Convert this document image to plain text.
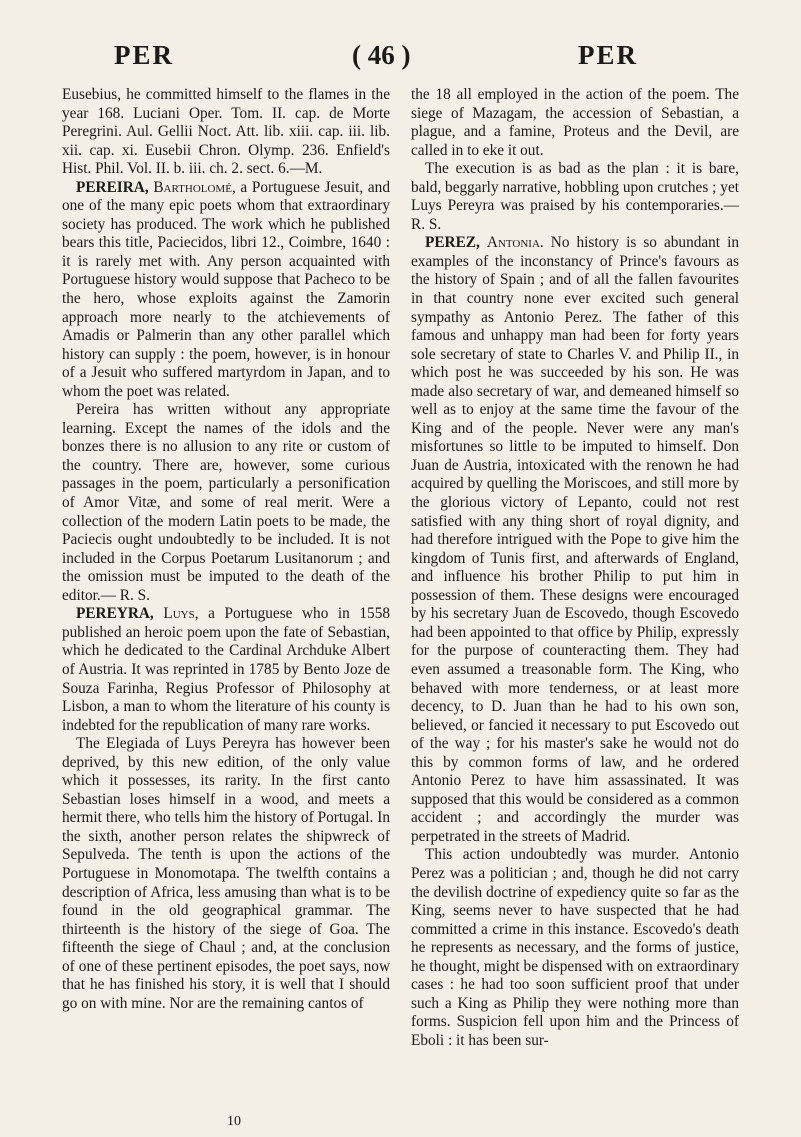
PER	( 46 )	PER

Eusebius, he committed himself to the flames in the year 168. Luciani Oper. Tom. II. cap. de Morte Peregrini. Aul. Gellii Noct. Att. lib. xiii. cap. iii. lib. xii. cap. xi. Eusebii Chron. Olymp. 236. Enfield's Hist. Phil. Vol. II. b. iii. ch. 2. sect. 6.—M.

PEREIRA, Bartholomé, a Portuguese Jesuit, and one of the many epic poets whom that extraordinary society has produced. The work which he published bears this title, Paciecidos, libri 12., Coimbre, 1640 : it is rarely met with. Any person acquainted with Portuguese history would suppose that Pacheco to be the hero, whose exploits against the Zamorin approach more nearly to the atchievements of Amadis or Palmerin than any other parallel which history can supply : the poem, however, is in honour of a Jesuit who suffered martyrdom in Japan, and to whom the poet was related.

Pereira has written without any appropriate learning. Except the names of the idols and the bonzes there is no allusion to any rite or custom of the country. There are, however, some curious passages in the poem, particularly a personification of Amor Vitæ, and some of real merit. Were a collection of the modern Latin poets to be made, the Paciecis ought undoubtedly to be included. It is not included in the Corpus Poetarum Lusitanorum ; and the omission must be imputed to the death of the editor.— R. S.

PEREYRA, Luys, a Portuguese who in 1558 published an heroic poem upon the fate of Sebastian, which he dedicated to the Cardinal Archduke Albert of Austria. It was reprinted in 1785 by Bento Joze de Souza Farinha, Regius Professor of Philosophy at Lisbon, a man to whom the literature of his county is indebted for the republication of many rare works.

The Elegiada of Luys Pereyra has however been deprived, by this new edition, of the only value which it possesses, its rarity. In the first canto Sebastian loses himself in a wood, and meets a hermit there, who tells him the history of Portugal. In the sixth, another person relates the shipwreck of Sepulveda. The tenth is upon the actions of the Portuguese in Monomotapa. The twelfth contains a description of Africa, less amusing than what is to be found in the old geographical grammar. The thirteenth is the history of the siege of Goa. The fifteenth the siege of Chaul ; and, at the conclusion of one of these pertinent episodes, the poet says, now that he has finished his story, it is well that I should go on with mine. Nor are the remaining cantos of

the 18 all employed in the action of the poem. The siege of Mazagam, the accession of Sebastian, a plague, and a famine, Proteus and the Devil, are called in to eke it out.

The execution is as bad as the plan : it is bare, bald, beggarly narrative, hobbling upon crutches ; yet Luys Pereyra was praised by his contemporaries.—R. S.

PEREZ, Antonia. No history is so abundant in examples of the inconstancy of Prince's favours as the history of Spain ; and of all the fallen favourites in that country none ever excited such general sympathy as Antonio Perez. The father of this famous and unhappy man had been for forty years sole secretary of state to Charles V. and Philip II., in which post he was succeeded by his son. He was made also secretary of war, and demeaned himself so well as to enjoy at the same time the favour of the King and of the people. Never were any man's misfortunes so little to be imputed to himself. Don Juan de Austria, intoxicated with the renown he had acquired by quelling the Moriscoes, and still more by the glorious victory of Lepanto, could not rest satisfied with any thing short of royal dignity, and had therefore intrigued with the Pope to give him the kingdom of Tunis first, and afterwards of England, and influence his brother Philip to put him in possession of them. These designs were encouraged by his secretary Juan de Escovedo, though Escovedo had been appointed to that office by Philip, expressly for the purpose of counteracting them. They had even assumed a treasonable form. The King, who behaved with more tenderness, or at least more decency, to D. Juan than he had to his own son, believed, or fancied it necessary to put Escovedo out of the way ; for his master's sake he would not do this by common forms of law, and he ordered Antonio Perez to have him assassinated. It was supposed that this would be considered as a common accident ; and accordingly the murder was perpetrated in the streets of Madrid.

This action undoubtedly was murder. Antonio Perez was a politician ; and, though he did not carry the devilish doctrine of expediency quite so far as the King, seems never to have suspected that he had committed a crime in this instance. Escovedo's death he represents as necessary, and the forms of justice, he thought, might be dispensed with on extraordinary cases : he had too soon sufficient proof that under such a King as Philip they were nothing more than forms. Suspicion fell upon him and the Princess of Eboli : it has been sur-

10
